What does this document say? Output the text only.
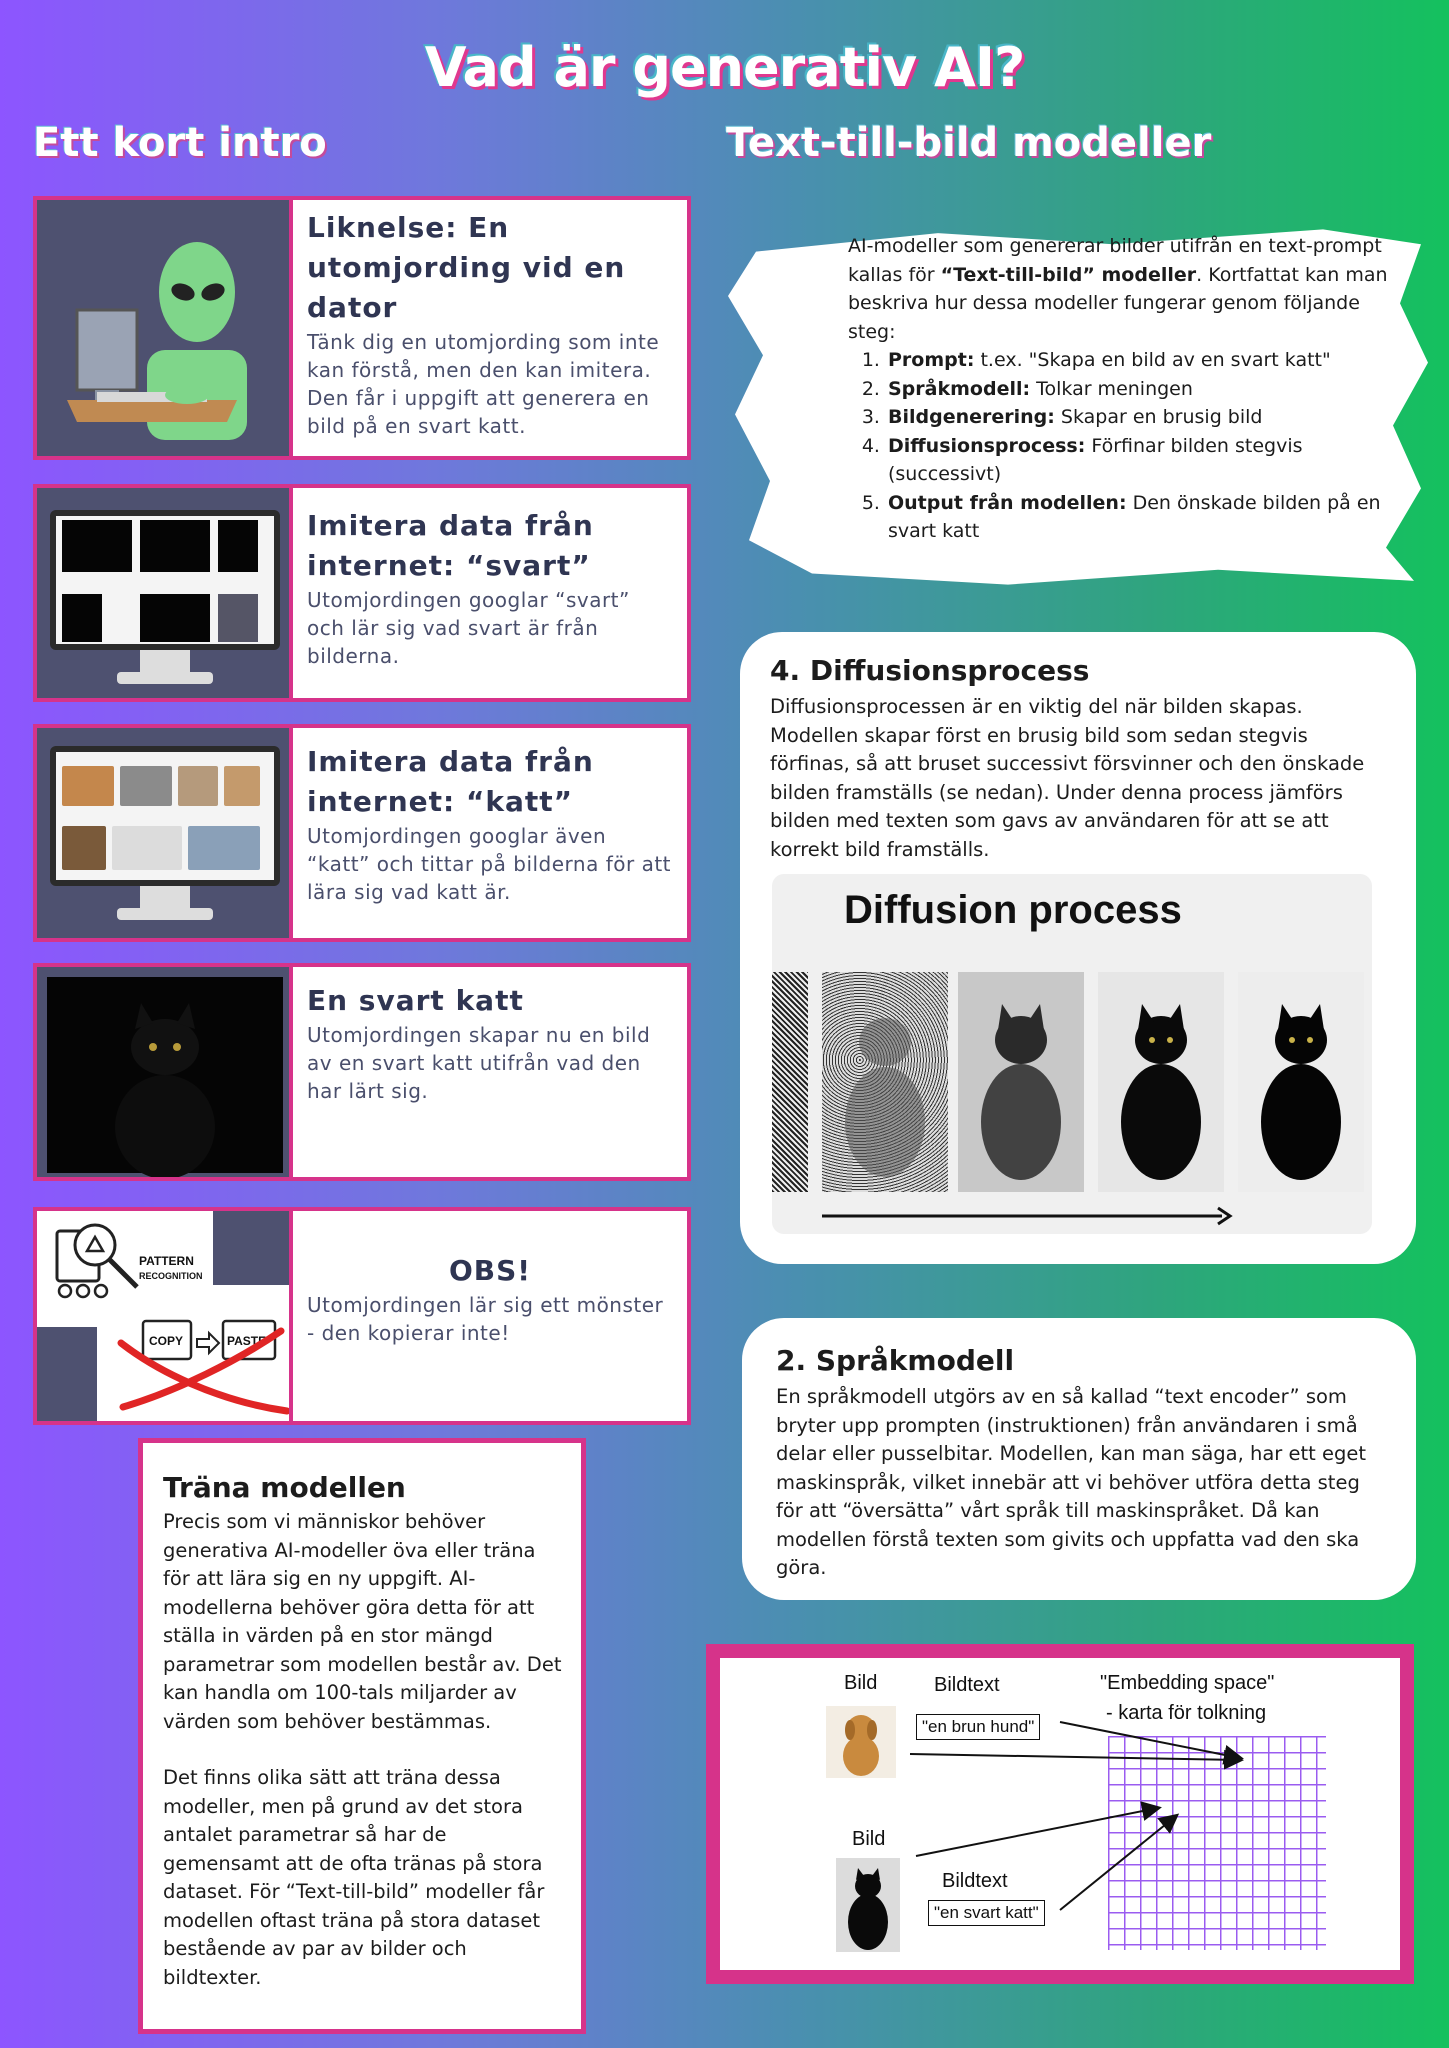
Vad är generativ AI?
Ett kort intro	Text-till-bild modeller
Liknelse: En utomjording vid en dator

Tänk dig en utomjording som inte kan förstå, men den kan imitera. Den får i uppgift att generera en bild på en svart katt.

Imitera data från internet: “svart”

Utomjordingen googlar “svart” och lär sig vad svart är från bilderna.

Imitera data från internet: “katt”

Utomjordingen googlar även “katt” och tittar på bilderna för att lära sig vad katt är.

En svart katt

Utomjordingen skapar nu en bild av en svart katt utifrån vad den har lärt sig.

PATTERN
RECOGNITION
COPY	PASTE
OBS!

Utomjordingen lär sig ett mönster - den kopierar inte!

Träna modellen

Precis som vi människor behöver generativa AI-modeller öva eller träna för att lära sig en ny uppgift. AI-modellerna behöver göra detta för att ställa in värden på en stor mängd parametrar som modellen består av. Det kan handla om 100-tals miljarder av värden som behöver bestämmas.

Det finns olika sätt att träna dessa modeller, men på grund av det stora antalet parametrar så har de gemensamt att de ofta tränas på stora dataset. För “Text-till-bild” modeller får modellen oftast träna på stora dataset bestående av par av bilder och bildtexter.

AI-modeller som genererar bilder utifrån en text-prompt kallas för “Text-till-bild” modeller. Kortfattat kan man beskriva hur dessa modeller fungerar genom följande steg:
1. Prompt: t.ex. "Skapa en bild av en svart katt"
2. Språkmodell: Tolkar meningen
3. Bildgenerering: Skapar en brusig bild
4. Diffusionsprocess: Förfinar bilden stegvis (successivt)
5. Output från modellen: Den önskade bilden på en svart katt
4. Diffusionsprocess

Diffusionsprocessen är en viktig del när bilden skapas. Modellen skapar först en brusig bild som sedan stegvis förfinas, så att bruset successivt försvinner och den önskade bilden framställs (se nedan). Under denna process jämförs bilden med texten som gavs av användaren för att se att korrekt bild framställs.

Diffusion process
2. Språkmodell

En språkmodell utgörs av en så kallad “text encoder” som bryter upp prompten (instruktionen) från användaren i små delar eller pusselbitar. Modellen, kan man säga, har ett eget maskinspråk, vilket innebär att vi behöver utföra detta steg för att “översätta” vårt språk till maskinspråket. Då kan modellen förstå texten som givits och uppfatta vad den ska göra.

Bild	Bildtext	"Embedding space"
- karta för tolkning
"en brun hund"
Bild
Bildtext
"en svart katt"
